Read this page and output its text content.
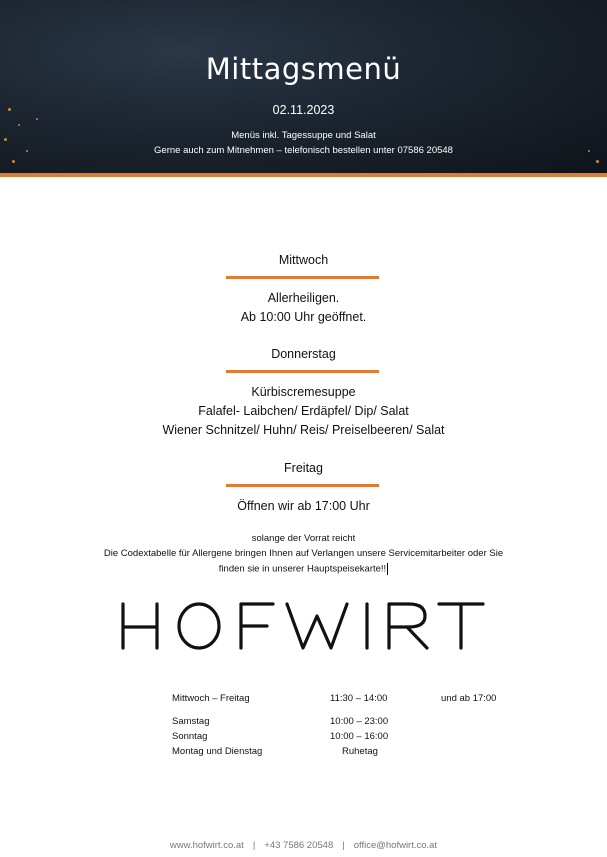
Mittagsmenü
02.11.2023
Menüs inkl. Tagessuppe und Salat
Gerne auch zum Mitnehmen – telefonisch bestellen unter 07586 20548
Mittwoch
Allerheiligen.
Ab 10:00 Uhr geöffnet.
Donnerstag
Kürbiscremesuppe
Falafel- Laibchen/ Erdäpfel/ Dip/ Salat
Wiener Schnitzel/ Huhn/ Reis/ Preiselbeeren/ Salat
Freitag
Öffnen wir ab 17:00 Uhr
solange der Vorrat reicht
Die Codextabelle für Allergene bringen Ihnen auf Verlangen unsere Servicemitarbeiter oder Sie
finden sie in unserer Hauptspeisekarte!!
Mittwoch – Freitag	11:30 – 14:00	und ab 17:00
Samstag	10:00 – 23:00
Sonntag	10:00 – 16:00
Montag und Dienstag	Ruhetag
www.hofwirt.co.at | +43 7586 20548 | office@hofwirt.co.at
